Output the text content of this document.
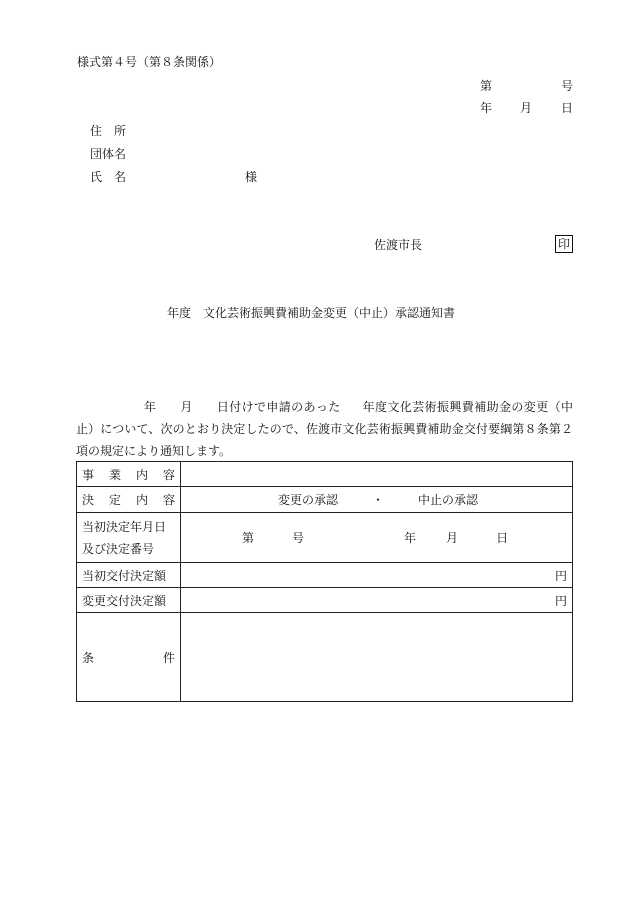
様式第４号（第８条関係）
第	号
年 月 日
住所
団体名
氏名	様
佐渡市長	印
年度　文化芸術振興費補助金変更（中止）承認通知書
年 月 日付けで申請のあった 年度文化芸術振興費補助金の変更（中止）について、次のとおり決定したので、佐渡市文化芸術振興費補助金交付要綱第８条第２項の規定により通知します。
事 業 内 容	

決 定 内 容	変更の承認 ・ 中止の承認

当初決定年月日
及び決定番号	第 号 年 月 日
当初交付決定額	円
変更交付決定額	円

条 件	
